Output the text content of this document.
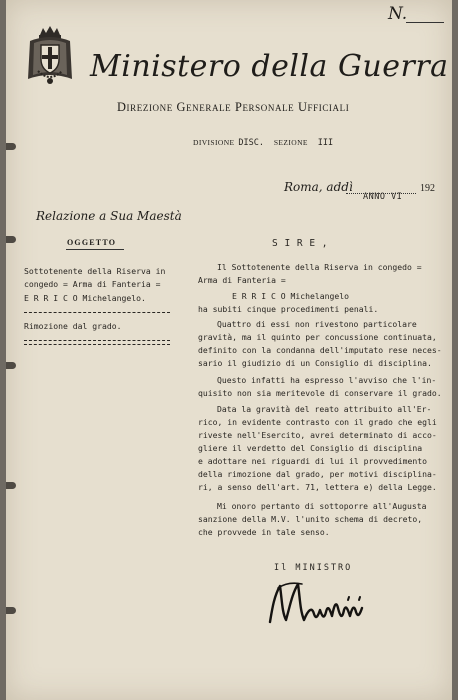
N.
Ministero della Guerra
Direzione Generale Personale Ufficiali
DIVISIONE DISC. SEZIONE III
Roma, addì	192
ANNO VI
Relazione a Sua Maestà
OGGETTO
Sottotenente della Riserva in
congedo = Arma di Fanteria =
E R R I C O Michelangelo.
Rimozione dal grado.
S I R E ,
Il Sottotenente della Riserva in congedo =
Arma di Fanteria =
E R R I C O Michelangelo
ha subiti cinque procedimenti penali.
Quattro di essi non rivestono particolare
gravità, ma il quinto per concussione continuata,
definito con la condanna dell'imputato rese neces-
sario il giudizio di un Consiglio di disciplina.
Questo infatti ha espresso l'avviso che l'in-
quisito non sia meritevole di conservare il grado.
Data la gravità del reato attribuito all'Er-
rico, in evidente contrasto con il grado che egli
riveste nell'Esercito, avrei determinato di acco-
gliere il verdetto del Consiglio di disciplina
e adottare nei riguardi di lui il provvedimento
della rimozione dal grado, per motivi disciplina-
ri, a senso dell'art. 71, lettera e) della Legge.
Mi onoro pertanto di sottoporre all'Augusta
sanzione della M.V. l'unito schema di decreto,
che provvede in tale senso.
Il MINISTRO
